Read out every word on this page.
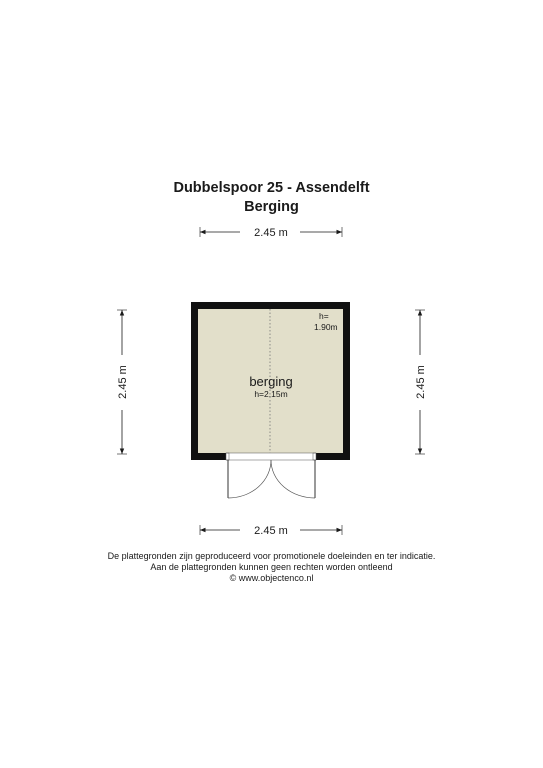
Dubbelspoor 25 - Assendelft
Berging
2.45 m
2.45 m	2.45 m
berging
h=2.15m
h=
1.90m
2.45 m
De plattegronden zijn geproduceerd voor promotionele doeleinden en ter indicatie.
Aan de plattegronden kunnen geen rechten worden ontleend
© www.objectenco.nl
